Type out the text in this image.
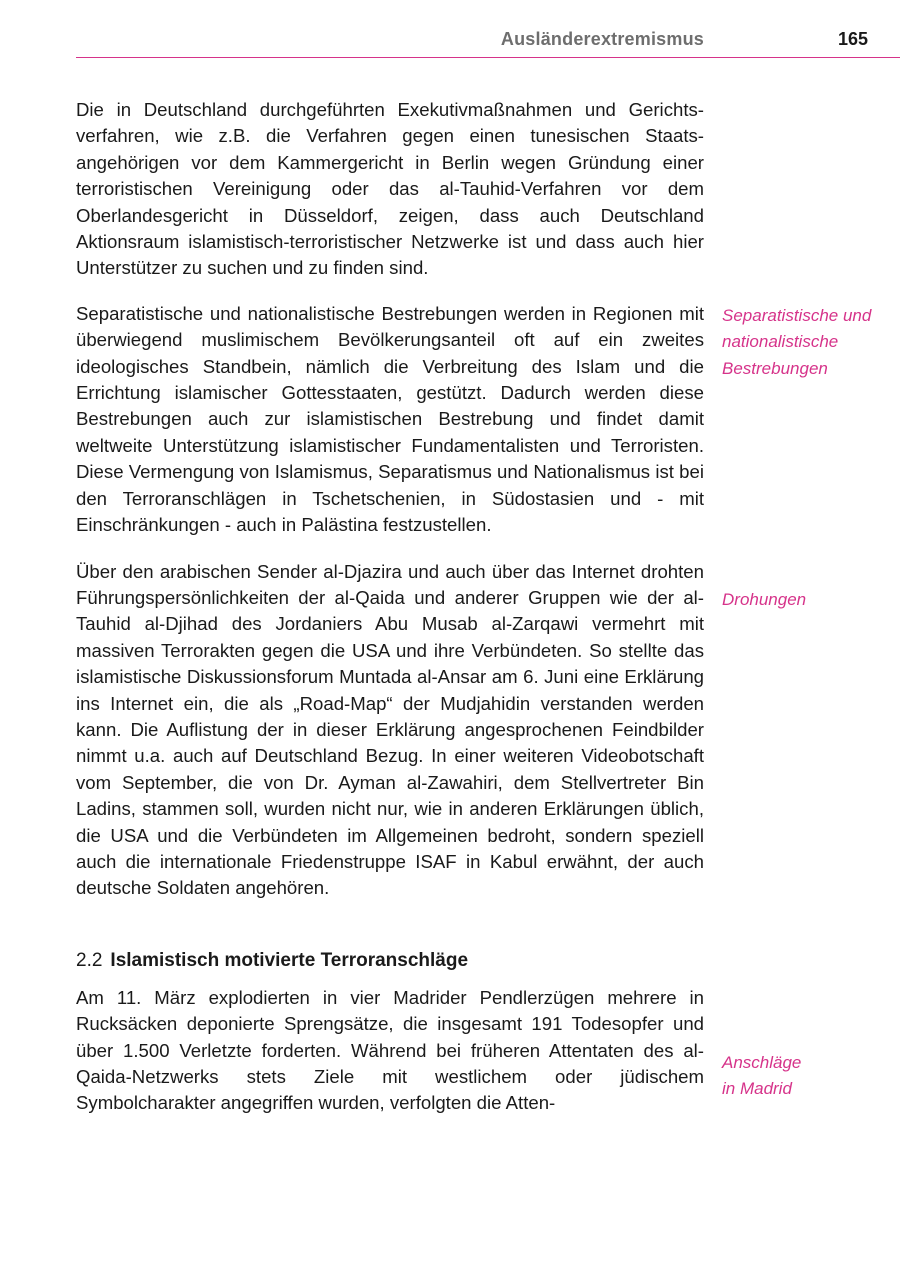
Ausländerextremismus	165

Die in Deutschland durchgeführten Exekutivmaßnahmen und Gerichtsverfahren, wie z.B. die Verfahren gegen einen tunesischen Staatsangehörigen vor dem Kammergericht in Berlin wegen Gründung einer terroristischen Vereinigung oder das al-Tauhid-Verfahren vor dem Oberlandesgericht in Düsseldorf, zeigen, dass auch Deutschland Aktionsraum islamistisch-terroristischer Netzwerke ist und dass auch hier Unterstützer zu suchen und zu finden sind.

Separatistische und nationalistische Bestrebungen werden in Regionen mit überwiegend muslimischem Bevölkerungsanteil oft auf ein zweites ideologisches Standbein, nämlich die Verbreitung des Islam und die Errichtung islamischer Gottesstaaten, gestützt. Dadurch werden diese Bestrebungen auch zur islamistischen Bestrebung und findet damit weltweite Unterstützung islamistischer Fundamentalisten und Terroristen. Diese Vermengung von Islamismus, Separatismus und Nationalismus ist bei den Terroranschlägen in Tschetschenien, in Südostasien und - mit Einschränkungen - auch in Palästina festzustellen.

Über den arabischen Sender al-Djazira und auch über das Internet drohten Führungspersönlichkeiten der al-Qaida und anderer Gruppen wie der al-Tauhid al-Djihad des Jordaniers Abu Musab al-Zarqawi vermehrt mit massiven Terrorakten gegen die USA und ihre Verbündeten. So stellte das islamistische Diskussionsforum Muntada al-Ansar am 6. Juni eine Erklärung ins Internet ein, die als „Road-Map“ der Mudjahidin verstanden werden kann. Die Auflistung der in dieser Erklärung angesprochenen Feindbilder nimmt u.a. auch auf Deutschland Bezug. In einer weiteren Videobotschaft vom September, die von Dr. Ayman al-Zawahiri, dem Stellvertreter Bin Ladins, stammen soll, wurden nicht nur, wie in anderen Erklärungen üblich, die USA und die Verbündeten im Allgemeinen bedroht, sondern speziell auch die internationale Friedenstruppe ISAF in Kabul erwähnt, der auch deutsche Soldaten angehören.

2.2 Islamistisch motivierte Terroranschläge

Am 11. März explodierten in vier Madrider Pendlerzügen mehrere in Rucksäcken deponierte Sprengsätze, die insgesamt 191 Todesopfer und über 1.500 Verletzte forderten. Während bei früheren Attentaten des al-Qaida-Netzwerks stets Ziele mit westlichem oder jüdischem Symbolcharakter angegriffen wurden, verfolgten die Atten-

Separatistische und
nationalistische
Bestrebungen
Drohungen
Anschläge
in Madrid
